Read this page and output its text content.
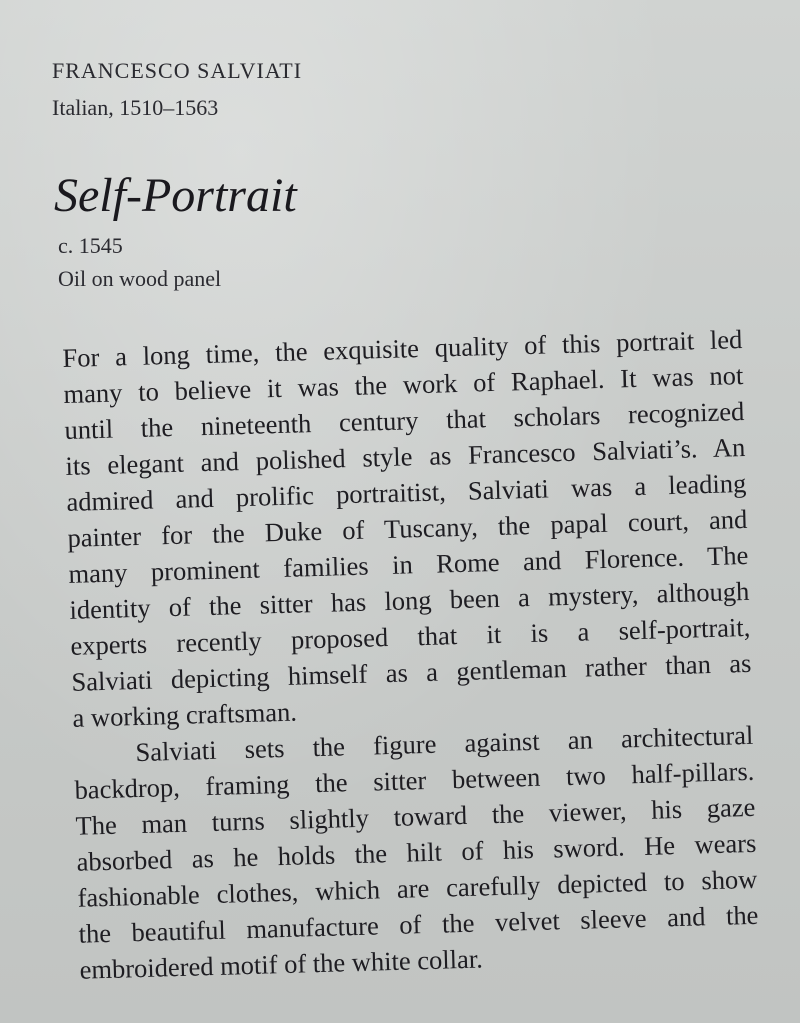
FRANCESCO SALVIATI
Italian, 1510–1563
Self-Portrait
c. 1545
Oil on wood panel
For a long time, the exquisite quality of this portrait led
many to believe it was the work of Raphael. It was not
until the nineteenth century that scholars recognized
its elegant and polished style as Francesco Salviati’s. An
admired and prolific portraitist, Salviati was a leading
painter for the Duke of Tuscany, the papal court, and
many prominent families in Rome and Florence. The
identity of the sitter has long been a mystery, although
experts recently proposed that it is a self-portrait,
Salviati depicting himself as a gentleman rather than as
a working craftsman.
Salviati sets the figure against an architectural
backdrop, framing the sitter between two half-pillars.
The man turns slightly toward the viewer, his gaze
absorbed as he holds the hilt of his sword. He wears
fashionable clothes, which are carefully depicted to show
the beautiful manufacture of the velvet sleeve and the
embroidered motif of the white collar.
